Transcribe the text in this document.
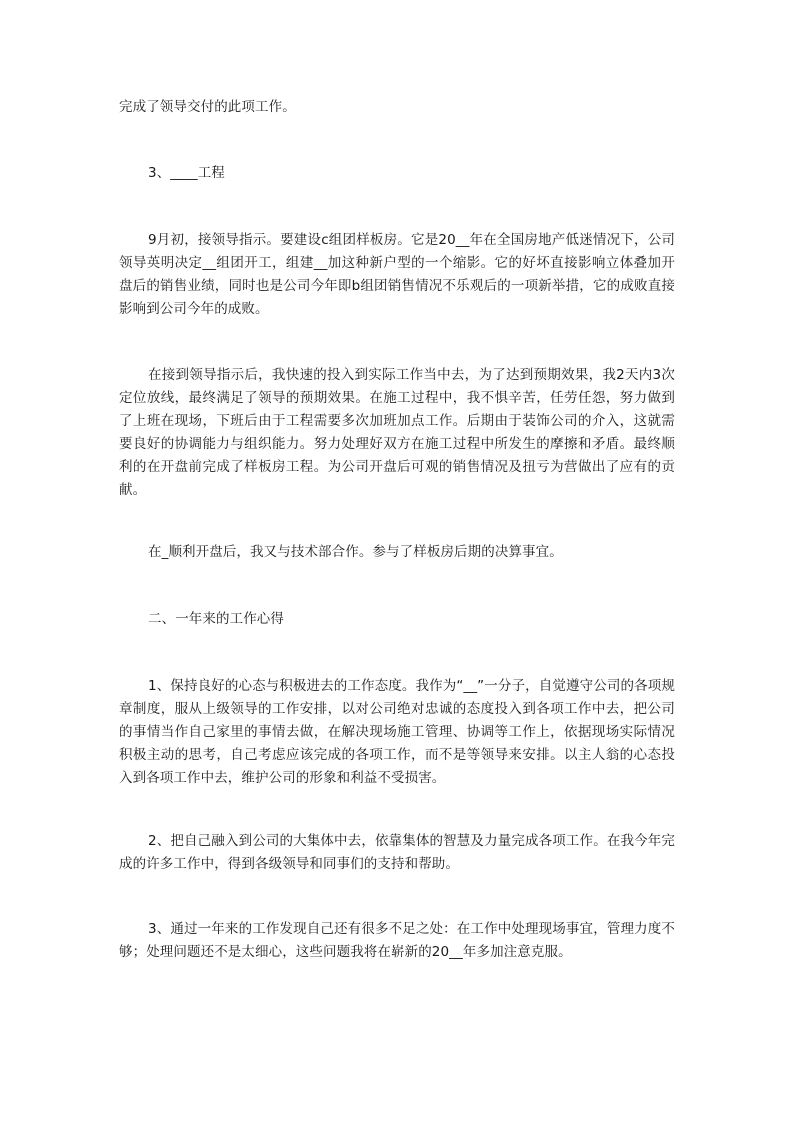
完成了领导交付的此项工作。

3、____工程

9月初，接领导指示。要建设c组团样板房。它是20__年在全国房地产低迷情况下，公司领导英明决定__组团开工，组建__加这种新户型的一个缩影。它的好坏直接影响立体叠加开盘后的销售业绩，同时也是公司今年即b组团销售情况不乐观后的一项新举措，它的成败直接影响到公司今年的成败。

在接到领导指示后，我快速的投入到实际工作当中去，为了达到预期效果，我2天内3次定位放线，最终满足了领导的预期效果。在施工过程中，我不惧辛苦，任劳任怨，努力做到了上班在现场，下班后由于工程需要多次加班加点工作。后期由于装饰公司的介入，这就需要良好的协调能力与组织能力。努力处理好双方在施工过程中所发生的摩擦和矛盾。最终顺利的在开盘前完成了样板房工程。为公司开盘后可观的销售情况及扭亏为营做出了应有的贡献。

在_顺利开盘后，我又与技术部合作。参与了样板房后期的决算事宜。

二、一年来的工作心得

1、保持良好的心态与积极进去的工作态度。我作为“__”一分子，自觉遵守公司的各项规章制度，服从上级领导的工作安排，以对公司绝对忠诚的态度投入到各项工作中去，把公司的事情当作自己家里的事情去做，在解决现场施工管理、协调等工作上，依据现场实际情况积极主动的思考，自己考虑应该完成的各项工作，而不是等领导来安排。以主人翁的心态投入到各项工作中去，维护公司的形象和利益不受损害。

2、把自己融入到公司的大集体中去，依靠集体的智慧及力量完成各项工作。在我今年完成的许多工作中，得到各级领导和同事们的支持和帮助。

3、通过一年来的工作发现自己还有很多不足之处：在工作中处理现场事宜，管理力度不够；处理问题还不是太细心，这些问题我将在崭新的20__年多加注意克服。
